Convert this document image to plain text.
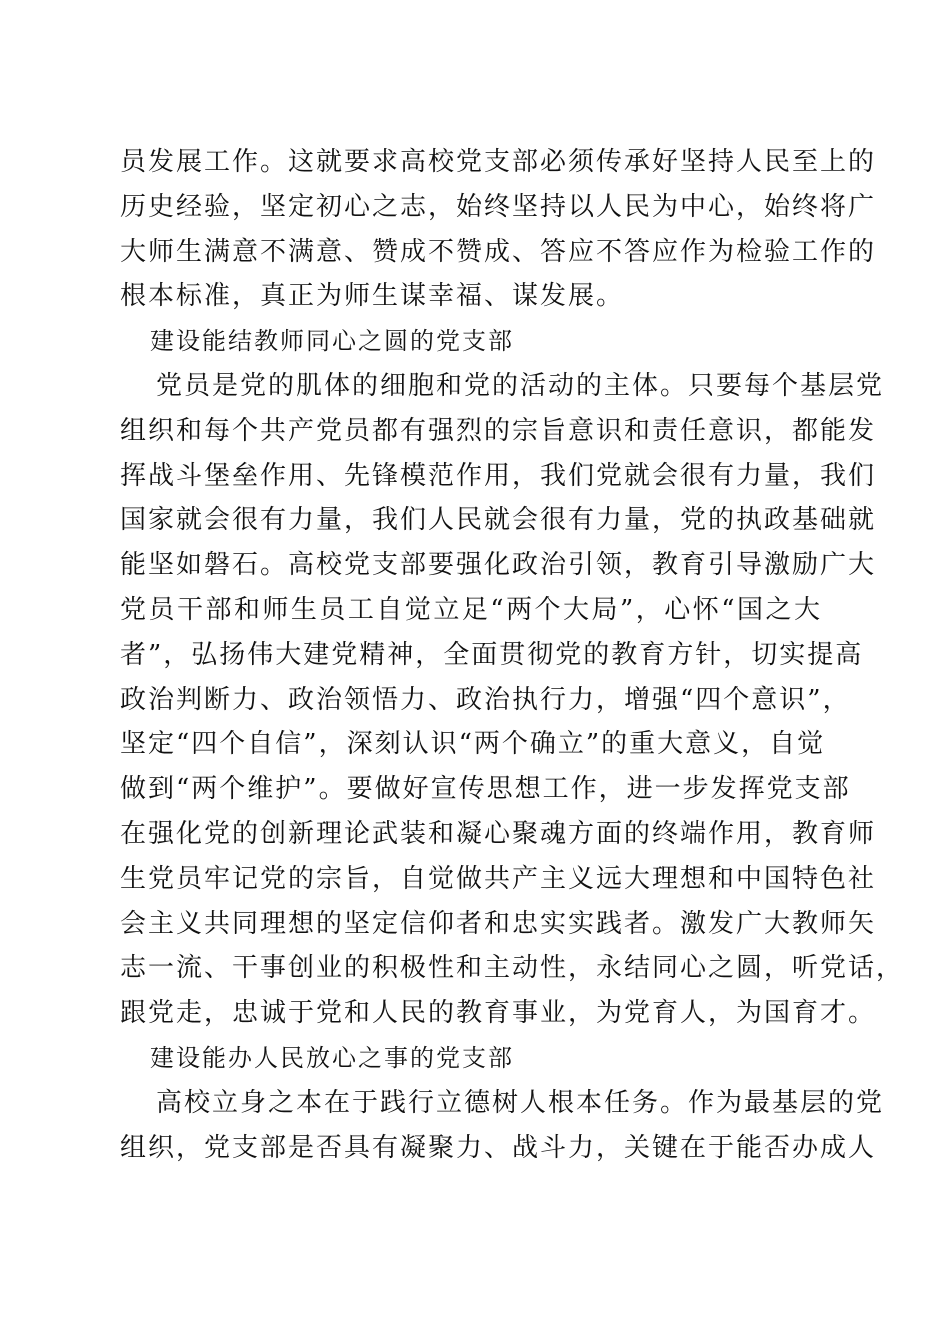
员发展工作。这就要求高校党支部必须传承好坚持人民至上的
历史经验，坚定初心之志，始终坚持以人民为中心，始终将广
大师生满意不满意、赞成不赞成、答应不答应作为检验工作的
根本标准，真正为师生谋幸福、谋发展。
建设能结教师同心之圆的党支部
党员是党的肌体的细胞和党的活动的主体。只要每个基层党
组织和每个共产党员都有强烈的宗旨意识和责任意识，都能发
挥战斗堡垒作用、先锋模范作用，我们党就会很有力量，我们
国家就会很有力量，我们人民就会很有力量，党的执政基础就
能坚如磐石。高校党支部要强化政治引领，教育引导激励广大
党员干部和师生员工自觉立足“两个大局”，心怀“国之大
者”，弘扬伟大建党精神，全面贯彻党的教育方针，切实提高
政治判断力、政治领悟力、政治执行力，增强“四个意识”，
坚定“四个自信”，深刻认识“两个确立”的重大意义，自觉
做到“两个维护”。要做好宣传思想工作，进一步发挥党支部
在强化党的创新理论武装和凝心聚魂方面的终端作用，教育师
生党员牢记党的宗旨，自觉做共产主义远大理想和中国特色社
会主义共同理想的坚定信仰者和忠实实践者。激发广大教师矢
志一流、干事创业的积极性和主动性，永结同心之圆，听党话，
跟党走，忠诚于党和人民的教育事业，为党育人，为国育才。
建设能办人民放心之事的党支部
高校立身之本在于践行立德树人根本任务。作为最基层的党
组织，党支部是否具有凝聚力、战斗力，关键在于能否办成人
